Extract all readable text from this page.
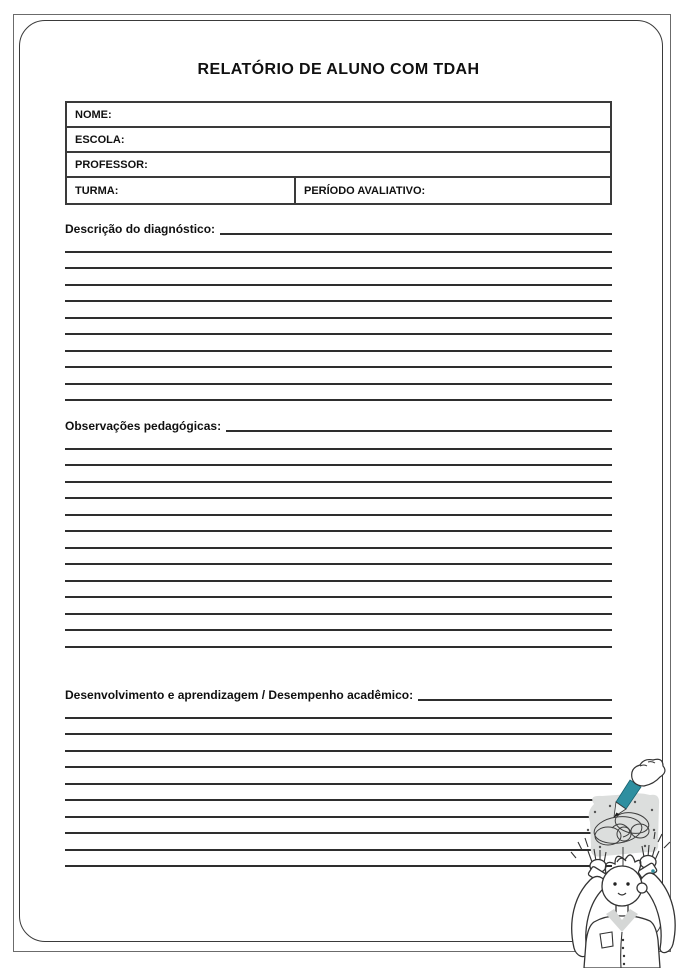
RELATÓRIO DE ALUNO COM TDAH
NOME:
ESCOLA:
PROFESSOR:
TURMA:	PERÍODO AVALIATIVO:
Descrição do diagnóstico:
Observações pedagógicas:
Desenvolvimento e aprendizagem / Desempenho acadêmico:
